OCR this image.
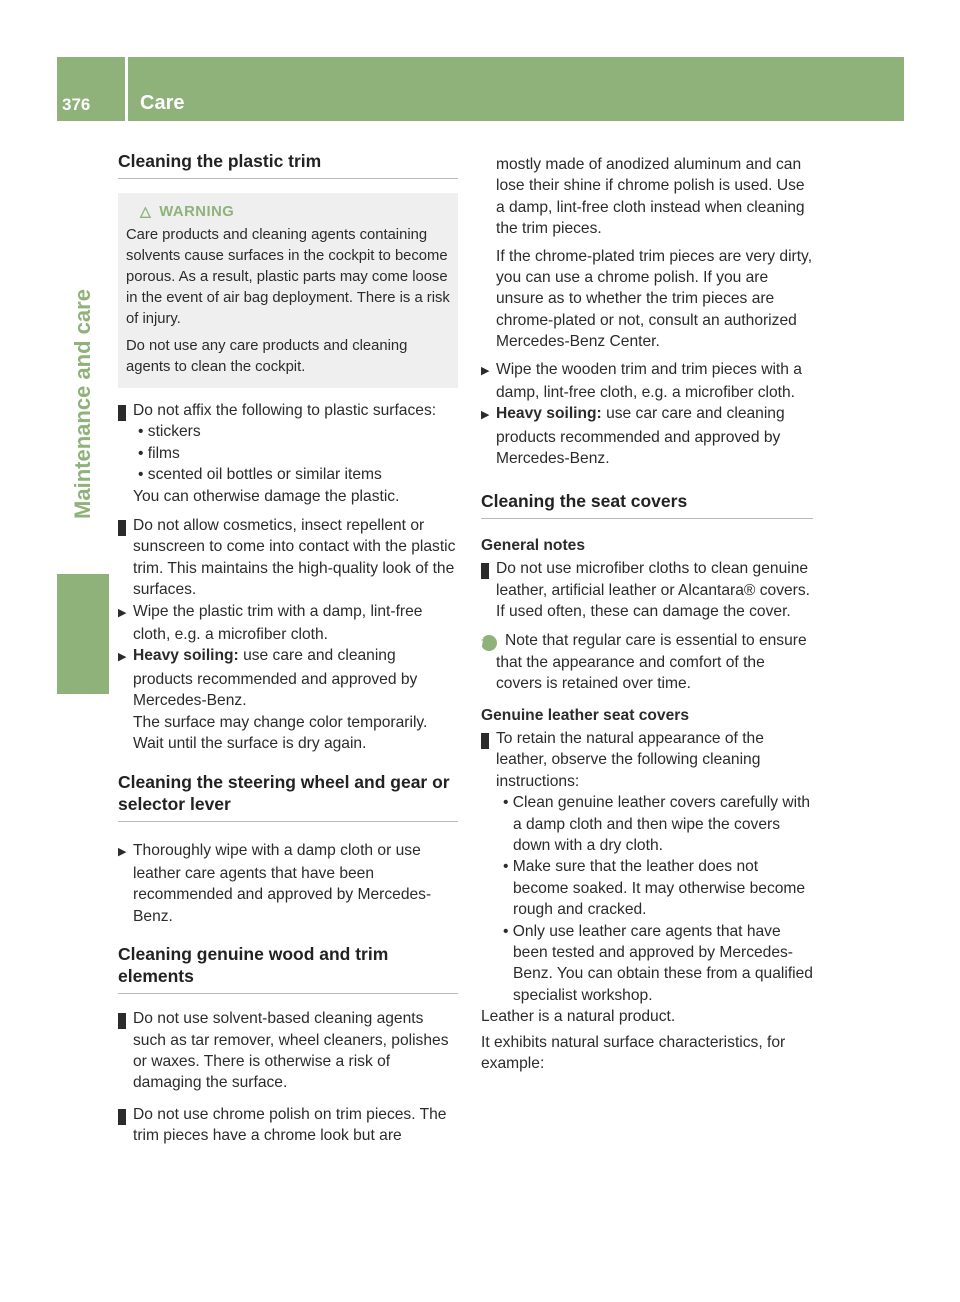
376 Care
Maintenance and care
Cleaning the plastic trim
△ WARNING

Care products and cleaning agents containing solvents cause surfaces in the cockpit to become porous. As a result, plastic parts may come loose in the event of air bag deployment. There is a risk of injury.

Do not use any care products and cleaning agents to clean the cockpit.

! Do not affix the following to plastic surfaces:

• stickers

• films

• scented oil bottles or similar items

You can otherwise damage the plastic.

! Do not allow cosmetics, insect repellent or sunscreen to come into contact with the plastic trim. This maintains the high-quality look of the surfaces.

▶ Wipe the plastic trim with a damp, lint-free cloth, e.g. a microfiber cloth.

▶ Heavy soiling: use care and cleaning products recommended and approved by Mercedes-Benz.

The surface may change color temporarily. Wait until the surface is dry again.

Cleaning the steering wheel and gear or selector lever

▶ Thoroughly wipe with a damp cloth or use leather care agents that have been recommended and approved by Mercedes-Benz.

Cleaning genuine wood and trim elements

! Do not use solvent-based cleaning agents such as tar remover, wheel cleaners, polishes or waxes. There is otherwise a risk of damaging the surface.

! Do not use chrome polish on trim pieces. The trim pieces have a chrome look but are

mostly made of anodized aluminum and can lose their shine if chrome polish is used. Use a damp, lint-free cloth instead when cleaning the trim pieces.

If the chrome-plated trim pieces are very dirty, you can use a chrome polish. If you are unsure as to whether the trim pieces are chrome-plated or not, consult an authorized Mercedes-Benz Center.

▶ Wipe the wooden trim and trim pieces with a damp, lint-free cloth, e.g. a microfiber cloth.

▶ Heavy soiling: use car care and cleaning products recommended and approved by Mercedes-Benz.

Cleaning the seat covers
General notes

! Do not use microfiber cloths to clean genuine leather, artificial leather or Alcantara® covers. If used often, these can damage the cover.

i Note that regular care is essential to ensure that the appearance and comfort of the covers is retained over time.

Genuine leather seat covers

! To retain the natural appearance of the leather, observe the following cleaning instructions:

• Clean genuine leather covers carefully with a damp cloth and then wipe the covers down with a dry cloth.

• Make sure that the leather does not become soaked. It may otherwise become rough and cracked.

• Only use leather care agents that have been tested and approved by Mercedes-Benz. You can obtain these from a qualified specialist workshop.

Leather is a natural product.

It exhibits natural surface characteristics, for example:
